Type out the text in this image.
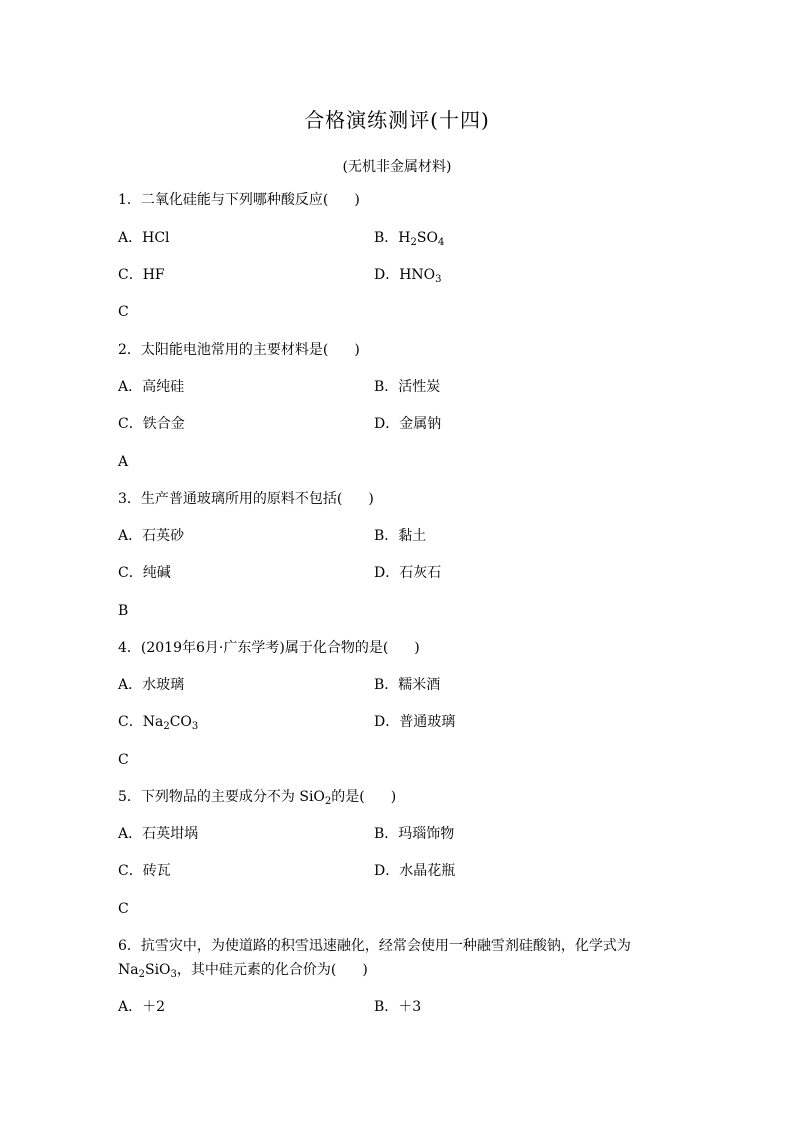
合格演练测评(十四)
(无机非金属材料)
1．二氧化硅能与下列哪种酸反应( )
A．HCl	B．$H_2SO_4$
C．HF	D．$HNO_3$
C
2．太阳能电池常用的主要材料是( )
A．高纯硅	B．活性炭
C．铁合金	D．金属钠
A
3．生产普通玻璃所用的原料不包括( )
A．石英砂	B．黏土
C．纯碱	D．石灰石
B
4．(2019年6月·广东学考)属于化合物的是( )
A．水玻璃	B．糯米酒
C．$Na_2CO_3$	D．普通玻璃
C
5．下列物品的主要成分不为 SiO$_2$的是( )
A．石英坩埚	B．玛瑙饰物
C．砖瓦	D．水晶花瓶
C
6．抗雪灾中，为使道路的积雪迅速融化，经常会使用一种融雪剂硅酸钠，化学式为
$Na_2SiO_3$，其中硅元素的化合价为( )
A．＋2	B．＋3
